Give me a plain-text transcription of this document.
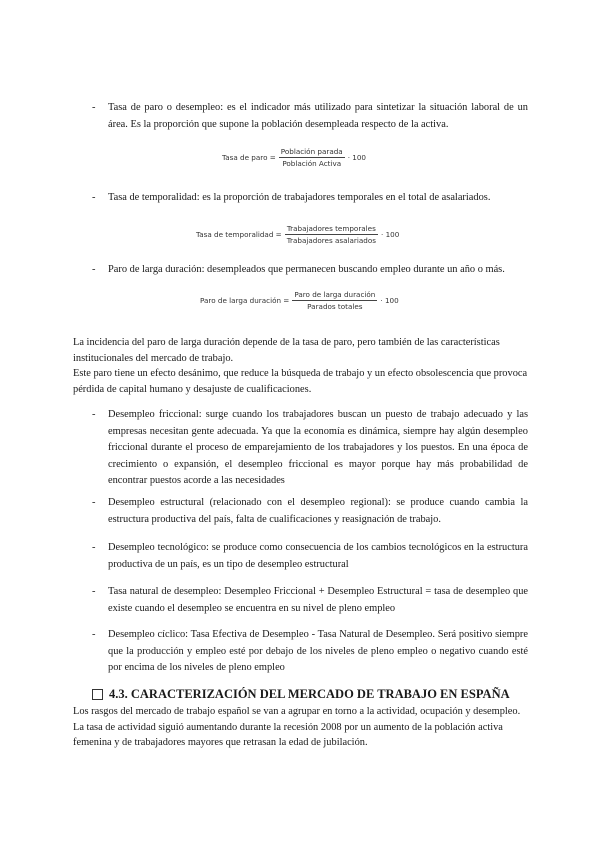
- Tasa de paro o desempleo: es el indicador más utilizado para sintetizar la situación laboral de un área. Es la proporción que supone la población desempleada respecto de la activa.
Tasa de paro = $\frac{\text{Población parada}}{\text{Población Activa}} \cdot 100$
- Tasa de temporalidad: es la proporción de trabajadores temporales en el total de asalariados.
Tasa de temporalidad = $\frac{\text{Trabajadores temporales}}{\text{Trabajadores asalariados}} \cdot 100$
- Paro de larga duración: desempleados que permanecen buscando empleo durante un año o más.
Paro de larga duración = $\frac{\text{Paro de larga duración}}{\text{Parados totales}} \cdot 100$

La incidencia del paro de larga duración depende de la tasa de paro, pero también de las características institucionales del mercado de trabajo.

Este paro tiene un efecto desánimo, que reduce la búsqueda de trabajo y un efecto obsolescencia que provoca pérdida de capital humano y desajuste de cualificaciones.

- Desempleo friccional: surge cuando los trabajadores buscan un puesto de trabajo adecuado y las empresas necesitan gente adecuada. Ya que la economía es dinámica, siempre hay algún desempleo friccional durante el proceso de emparejamiento de los trabajadores y los puestos. En una época de crecimiento o expansión, el desempleo friccional es mayor porque hay más probabilidad de encontrar puestos acorde a las necesidades
- Desempleo estructural (relacionado con el desempleo regional): se produce cuando cambia la estructura productiva del país, falta de cualificaciones y reasignación de trabajo.
- Desempleo tecnológico: se produce como consecuencia de los cambios tecnológicos en la estructura productiva de un país, es un tipo de desempleo estructural
- Tasa natural de desempleo: Desempleo Friccional + Desempleo Estructural = tasa de desempleo que existe cuando el desempleo se encuentra en su nivel de pleno empleo
- Desempleo cíclico: Tasa Efectiva de Desempleo - Tasa Natural de Desempleo. Será positivo siempre que la producción y empleo esté por debajo de los niveles de pleno empleo o negativo cuando esté por encima de los niveles de pleno empleo
4.3. CARACTERIZACIÓN DEL MERCADO DE TRABAJO EN ESPAÑA

Los rasgos del mercado de trabajo español se van a agrupar en torno a la actividad, ocupación y desempleo.

La tasa de actividad siguió aumentando durante la recesión 2008 por un aumento de la población activa femenina y de trabajadores mayores que retrasan la edad de jubilación.
